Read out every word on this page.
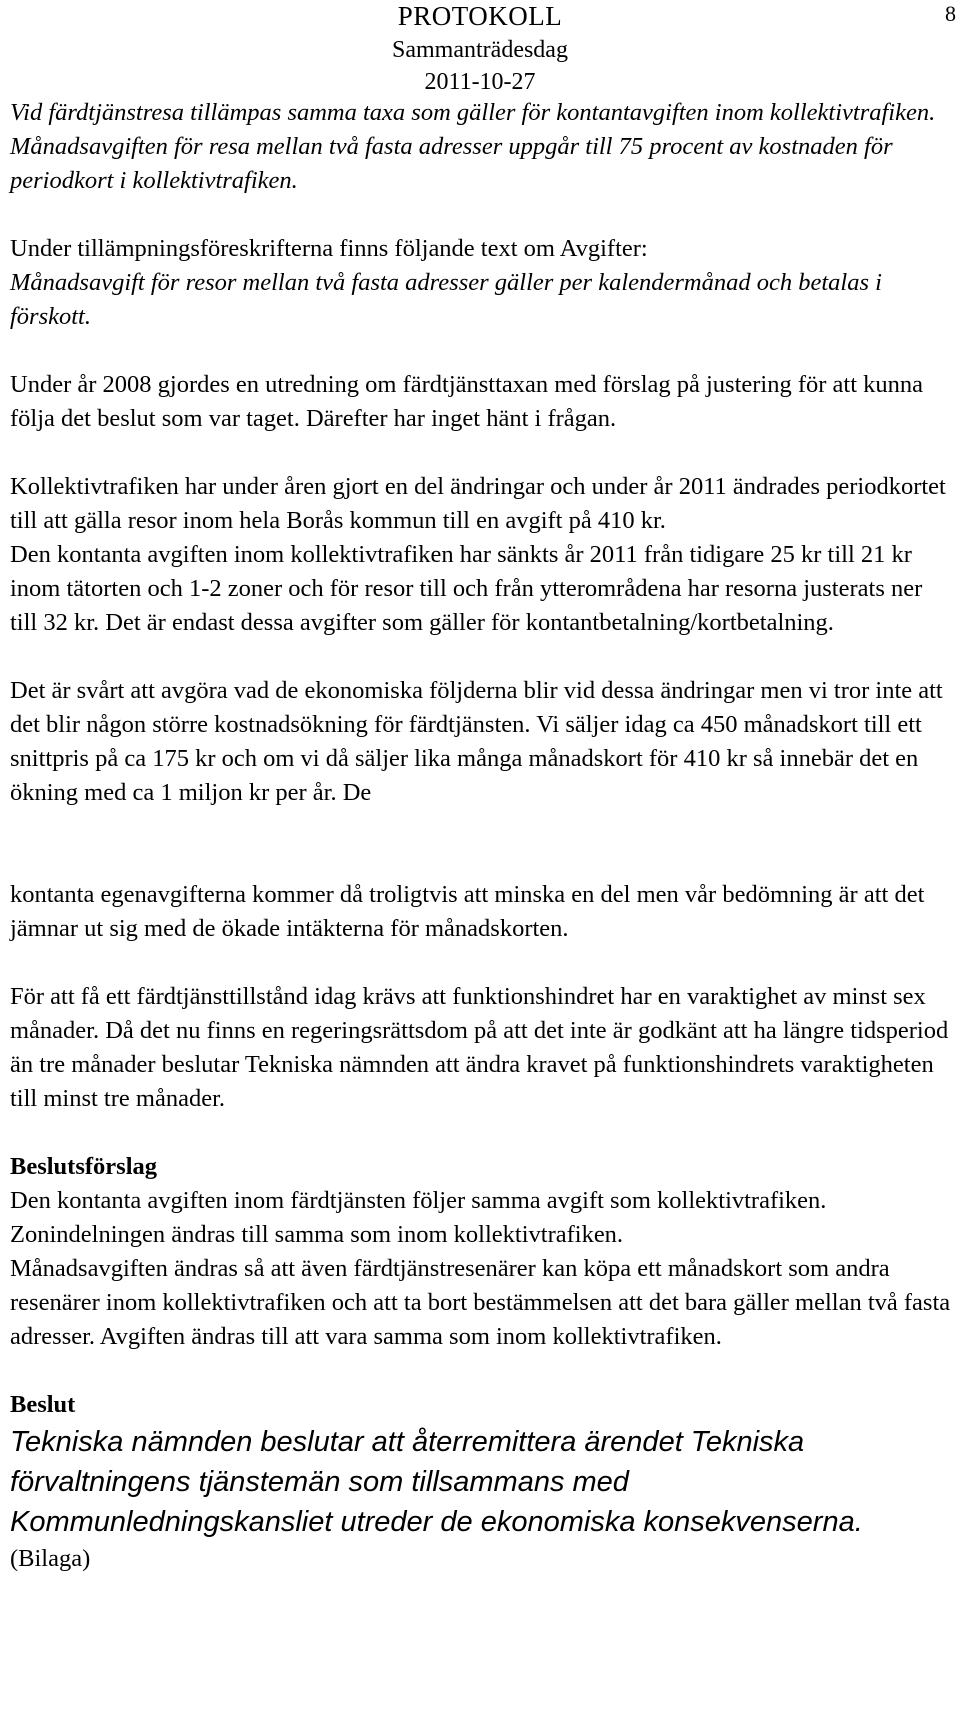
PROTOKOLL
Sammanträdesdag
2011-10-27
8

Vid färdtjänstresa tillämpas samma taxa som gäller för kontantavgiften inom kollektivtrafiken. Månadsavgiften för resa mellan två fasta adresser uppgår till 75 procent av kostnaden för periodkort i kollektivtrafiken.

Under tillämpningsföreskrifterna finns följande text om Avgifter:

Månadsavgift för resor mellan två fasta adresser gäller per kalendermånad och betalas i förskott.

Under år 2008 gjordes en utredning om färdtjänsttaxan med förslag på justering för att kunna följa det beslut som var taget. Därefter har inget hänt i frågan.

Kollektivtrafiken har under åren gjort en del ändringar och under år 2011 ändrades periodkortet till att gälla resor inom hela Borås kommun till en avgift på 410 kr.

Den kontanta avgiften inom kollektivtrafiken har sänkts år 2011 från tidigare 25 kr till 21 kr inom tätorten och 1-2 zoner och för resor till och från ytterområdena har resorna justerats ner till 32 kr. Det är endast dessa avgifter som gäller för kontantbetalning/kortbetalning.

Det är svårt att avgöra vad de ekonomiska följderna blir vid dessa ändringar men vi tror inte att det blir någon större kostnadsökning för färdtjänsten. Vi säljer idag ca 450 månadskort till ett snittpris på ca 175 kr och om vi då säljer lika många månadskort för 410 kr så innebär det en ökning med ca 1 miljon kr per år. De

kontanta egenavgifterna kommer då troligtvis att minska en del men vår bedömning är att det jämnar ut sig med de ökade intäkterna för månadskorten.

För att få ett färdtjänsttillstånd idag krävs att funktionshindret har en varaktighet av minst sex månader. Då det nu finns en regeringsrättsdom på att det inte är godkänt att ha längre tidsperiod än tre månader beslutar Tekniska nämnden att ändra kravet på funktionshindrets varaktigheten till minst tre månader.

Beslutsförslag

Den kontanta avgiften inom färdtjänsten följer samma avgift som kollektivtrafiken.

Zonindelningen ändras till samma som inom kollektivtrafiken.

Månadsavgiften ändras så att även färdtjänstresenärer kan köpa ett månadskort som andra resenärer inom kollektivtrafiken och att ta bort bestämmelsen att det bara gäller mellan två fasta adresser. Avgiften ändras till att vara samma som inom kollektivtrafiken.

Beslut

Tekniska nämnden beslutar att återremittera ärendet Tekniska förvaltningens tjänstemän som tillsammans med Kommunledningskansliet utreder de ekonomiska konsekvenserna.

(Bilaga)
